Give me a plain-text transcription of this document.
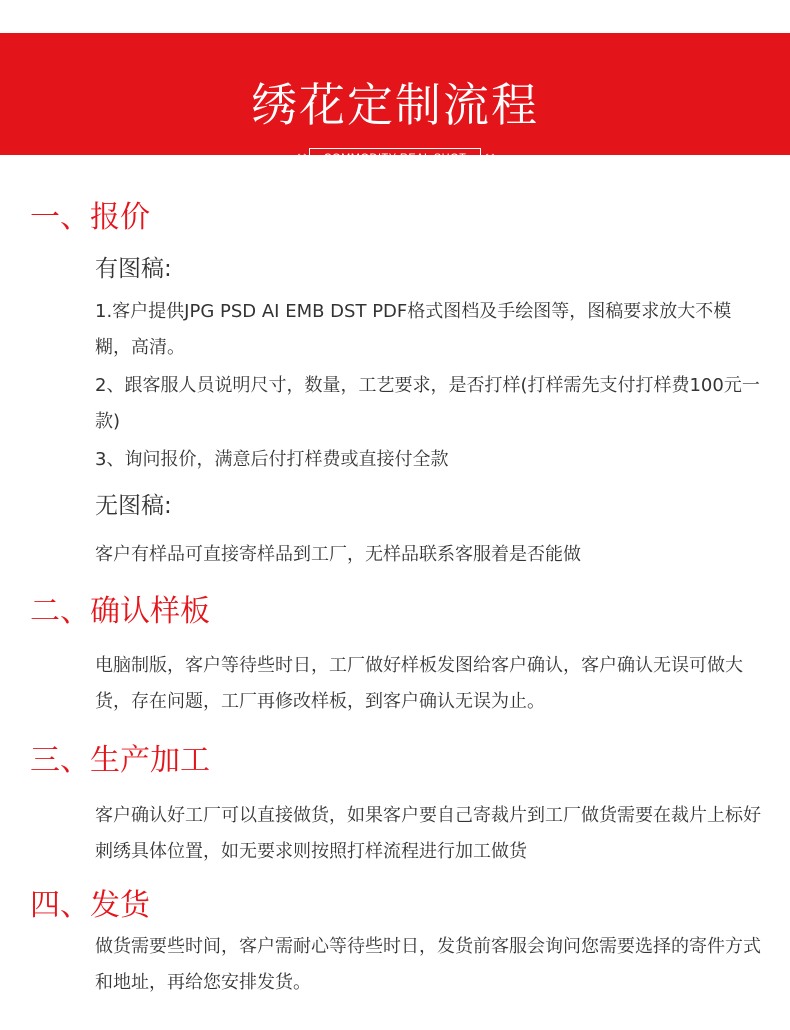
绣花定制流程
◇◇	COMMODITY REAL SHOT	◇◇
一、报价
有图稿:

1.客户提供JPG PSD AI EMB DST PDF格式图档及手绘图等，图稿要求放大不模糊，高清。

2、跟客服人员说明尺寸，数量，工艺要求，是否打样(打样需先支付打样费100元一款)

3、询问报价，满意后付打样费或直接付全款

无图稿:

客户有样品可直接寄样品到工厂，无样品联系客服着是否能做

二、确认样板

电脑制版，客户等待些时日，工厂做好样板发图给客户确认，客户确认无误可做大货，存在问题，工厂再修改样板，到客户确认无误为止。

三、生产加工

客户确认好工厂可以直接做货，如果客户要自己寄裁片到工厂做货需要在裁片上标好刺绣具体位置，如无要求则按照打样流程进行加工做货

四、发货

做货需要些时间，客户需耐心等待些时日，发货前客服会询问您需要选择的寄件方式和地址，再给您安排发货。
